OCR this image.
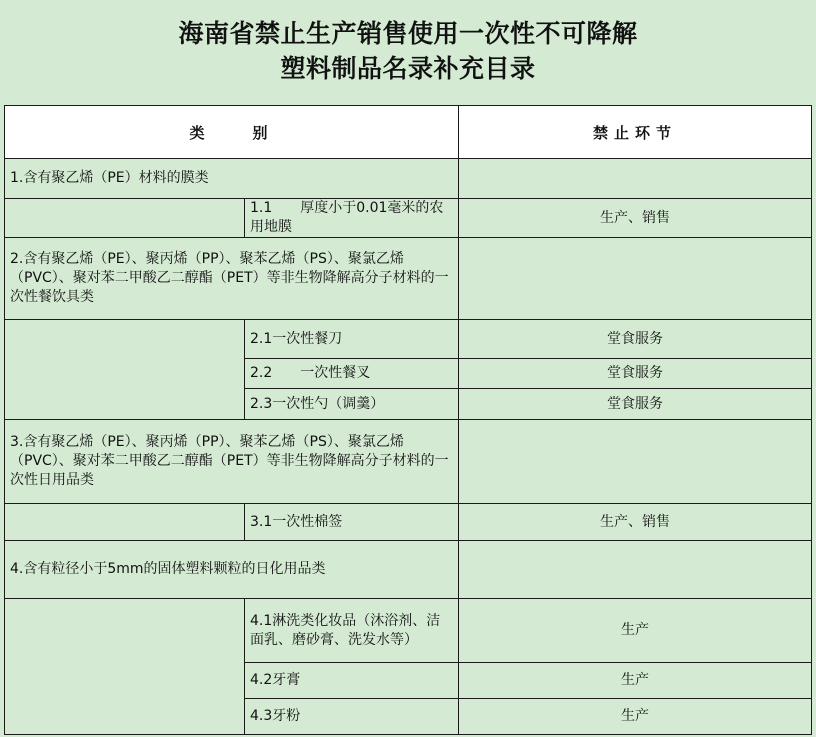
海南省禁止生产销售使用一次性不可降解
塑料制品名录补充目录
类　　别		禁止环节
1.含有聚乙烯（PE）材料的膜类		
	1.1　　厚度小于0.01毫米的农用地膜	生产、销售
2.含有聚乙烯（PE）、聚丙烯（PP）、聚苯乙烯（PS）、聚氯乙烯（PVC）、聚对苯二甲酸乙二醇酯（PET）等非生物降解高分子材料的一次性餐饮具类		
	2.1一次性餐刀	堂食服务
	2.2　　一次性餐叉	堂食服务
	2.3一次性勺（调羹）	堂食服务
3.含有聚乙烯（PE）、聚丙烯（PP）、聚苯乙烯（PS）、聚氯乙烯（PVC）、聚对苯二甲酸乙二醇酯（PET）等非生物降解高分子材料的一次性日用品类		
	3.1一次性棉签	生产、销售
4.含有粒径小于5mm的固体塑料颗粒的日化用品类		
	4.1淋洗类化妆品（沐浴剂、洁面乳、磨砂膏、洗发水等）	生产
	4.2牙膏	生产
	4.3牙粉	生产
